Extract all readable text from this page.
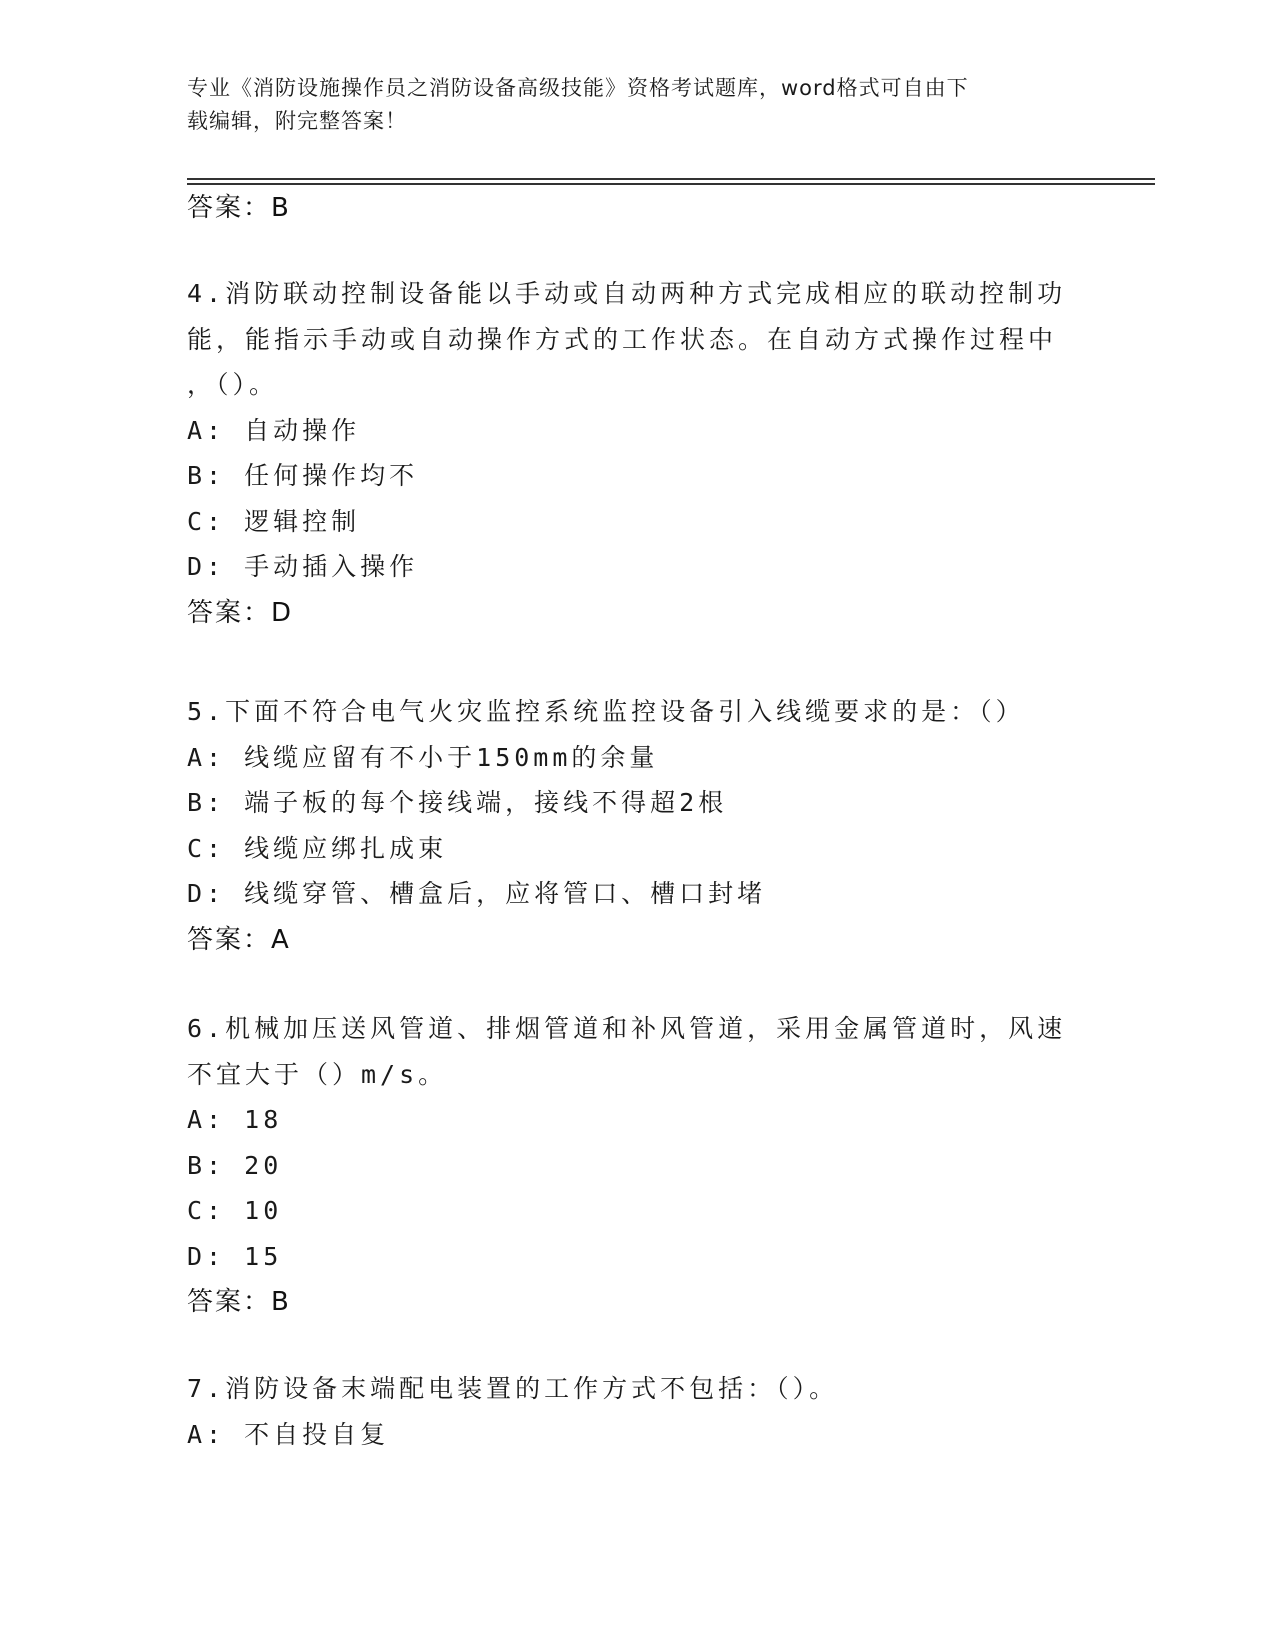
专业《消防设施操作员之消防设备高级技能》资格考试题库，word格式可自由下
载编辑，附完整答案！
答案：B
4.消防联动控制设备能以手动或自动两种方式完成相应的联动控制功
能，能指示手动或自动操作方式的工作状态。在自动方式操作过程中
，（）。
A: 自动操作
B: 任何操作均不
C: 逻辑控制
D: 手动插入操作
答案：D
5.下面不符合电气火灾监控系统监控设备引入线缆要求的是：（）
A: 线缆应留有不小于150mm的余量
B: 端子板的每个接线端，接线不得超2根
C: 线缆应绑扎成束
D: 线缆穿管、槽盒后，应将管口、槽口封堵
答案：A
6.机械加压送风管道、排烟管道和补风管道，采用金属管道时，风速
不宜大于（）m/s。
A: 18
B: 20
C: 10
D: 15
答案：B
7.消防设备末端配电装置的工作方式不包括：（）。
A: 不自投自复
